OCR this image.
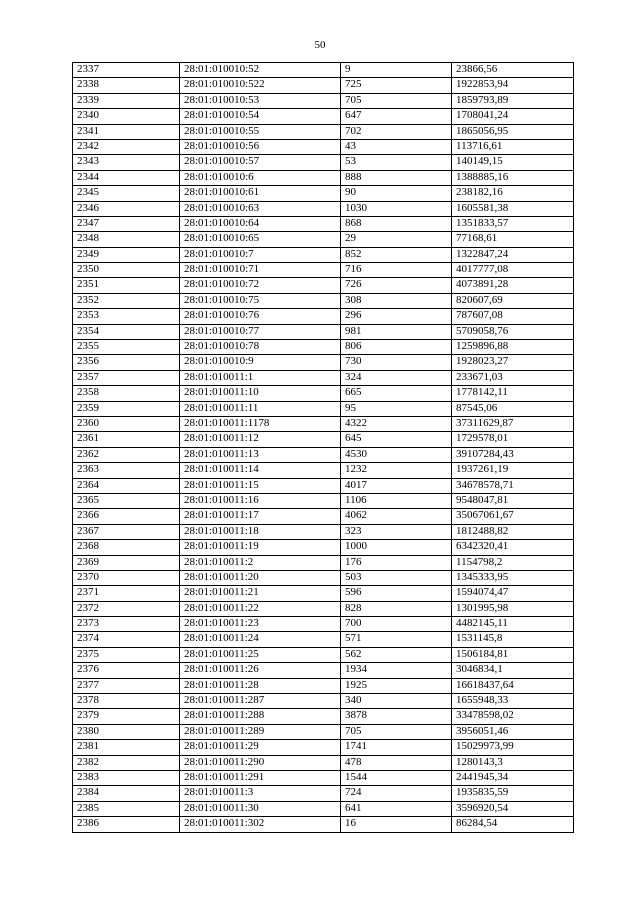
50
2337	28:01:010010:52	9	23866,56
2338	28:01:010010:522	725	1922853,94
2339	28:01:010010:53	705	1859793,89
2340	28:01:010010:54	647	1708041,24
2341	28:01:010010:55	702	1865056,95
2342	28:01:010010:56	43	113716,61
2343	28:01:010010:57	53	140149,15
2344	28:01:010010:6	888	1388885,16
2345	28:01:010010:61	90	238182,16
2346	28:01:010010:63	1030	1605581,38
2347	28:01:010010:64	868	1351833,57
2348	28:01:010010:65	29	77168,61
2349	28:01:010010:7	852	1322847,24
2350	28:01:010010:71	716	4017777,08
2351	28:01:010010:72	726	4073891,28
2352	28:01:010010:75	308	820607,69
2353	28:01:010010:76	296	787607,08
2354	28:01:010010:77	981	5709058,76
2355	28:01:010010:78	806	1259896,88
2356	28:01:010010:9	730	1928023,27
2357	28:01:010011:1	324	233671,03
2358	28:01:010011:10	665	1778142,11
2359	28:01:010011:11	95	87545,06
2360	28:01:010011:1178	4322	37311629,87
2361	28:01:010011:12	645	1729578,01
2362	28:01:010011:13	4530	39107284,43
2363	28:01:010011:14	1232	1937261,19
2364	28:01:010011:15	4017	34678578,71
2365	28:01:010011:16	1106	9548047,81
2366	28:01:010011:17	4062	35067061,67
2367	28:01:010011:18	323	1812488,82
2368	28:01:010011:19	1000	6342320,41
2369	28:01:010011:2	176	1154798,2
2370	28:01:010011:20	503	1345333,95
2371	28:01:010011:21	596	1594074,47
2372	28:01:010011:22	828	1301995,98
2373	28:01:010011:23	700	4482145,11
2374	28:01:010011:24	571	1531145,8
2375	28:01:010011:25	562	1506184,81
2376	28:01:010011:26	1934	3046834,1
2377	28:01:010011:28	1925	16618437,64
2378	28:01:010011:287	340	1655948,33
2379	28:01:010011:288	3878	33478598,02
2380	28:01:010011:289	705	3956051,46
2381	28:01:010011:29	1741	15029973,99
2382	28:01:010011:290	478	1280143,3
2383	28:01:010011:291	1544	2441945,34
2384	28:01:010011:3	724	1935835,59
2385	28:01:010011:30	641	3596920,54
2386	28:01:010011:302	16	86284,54
